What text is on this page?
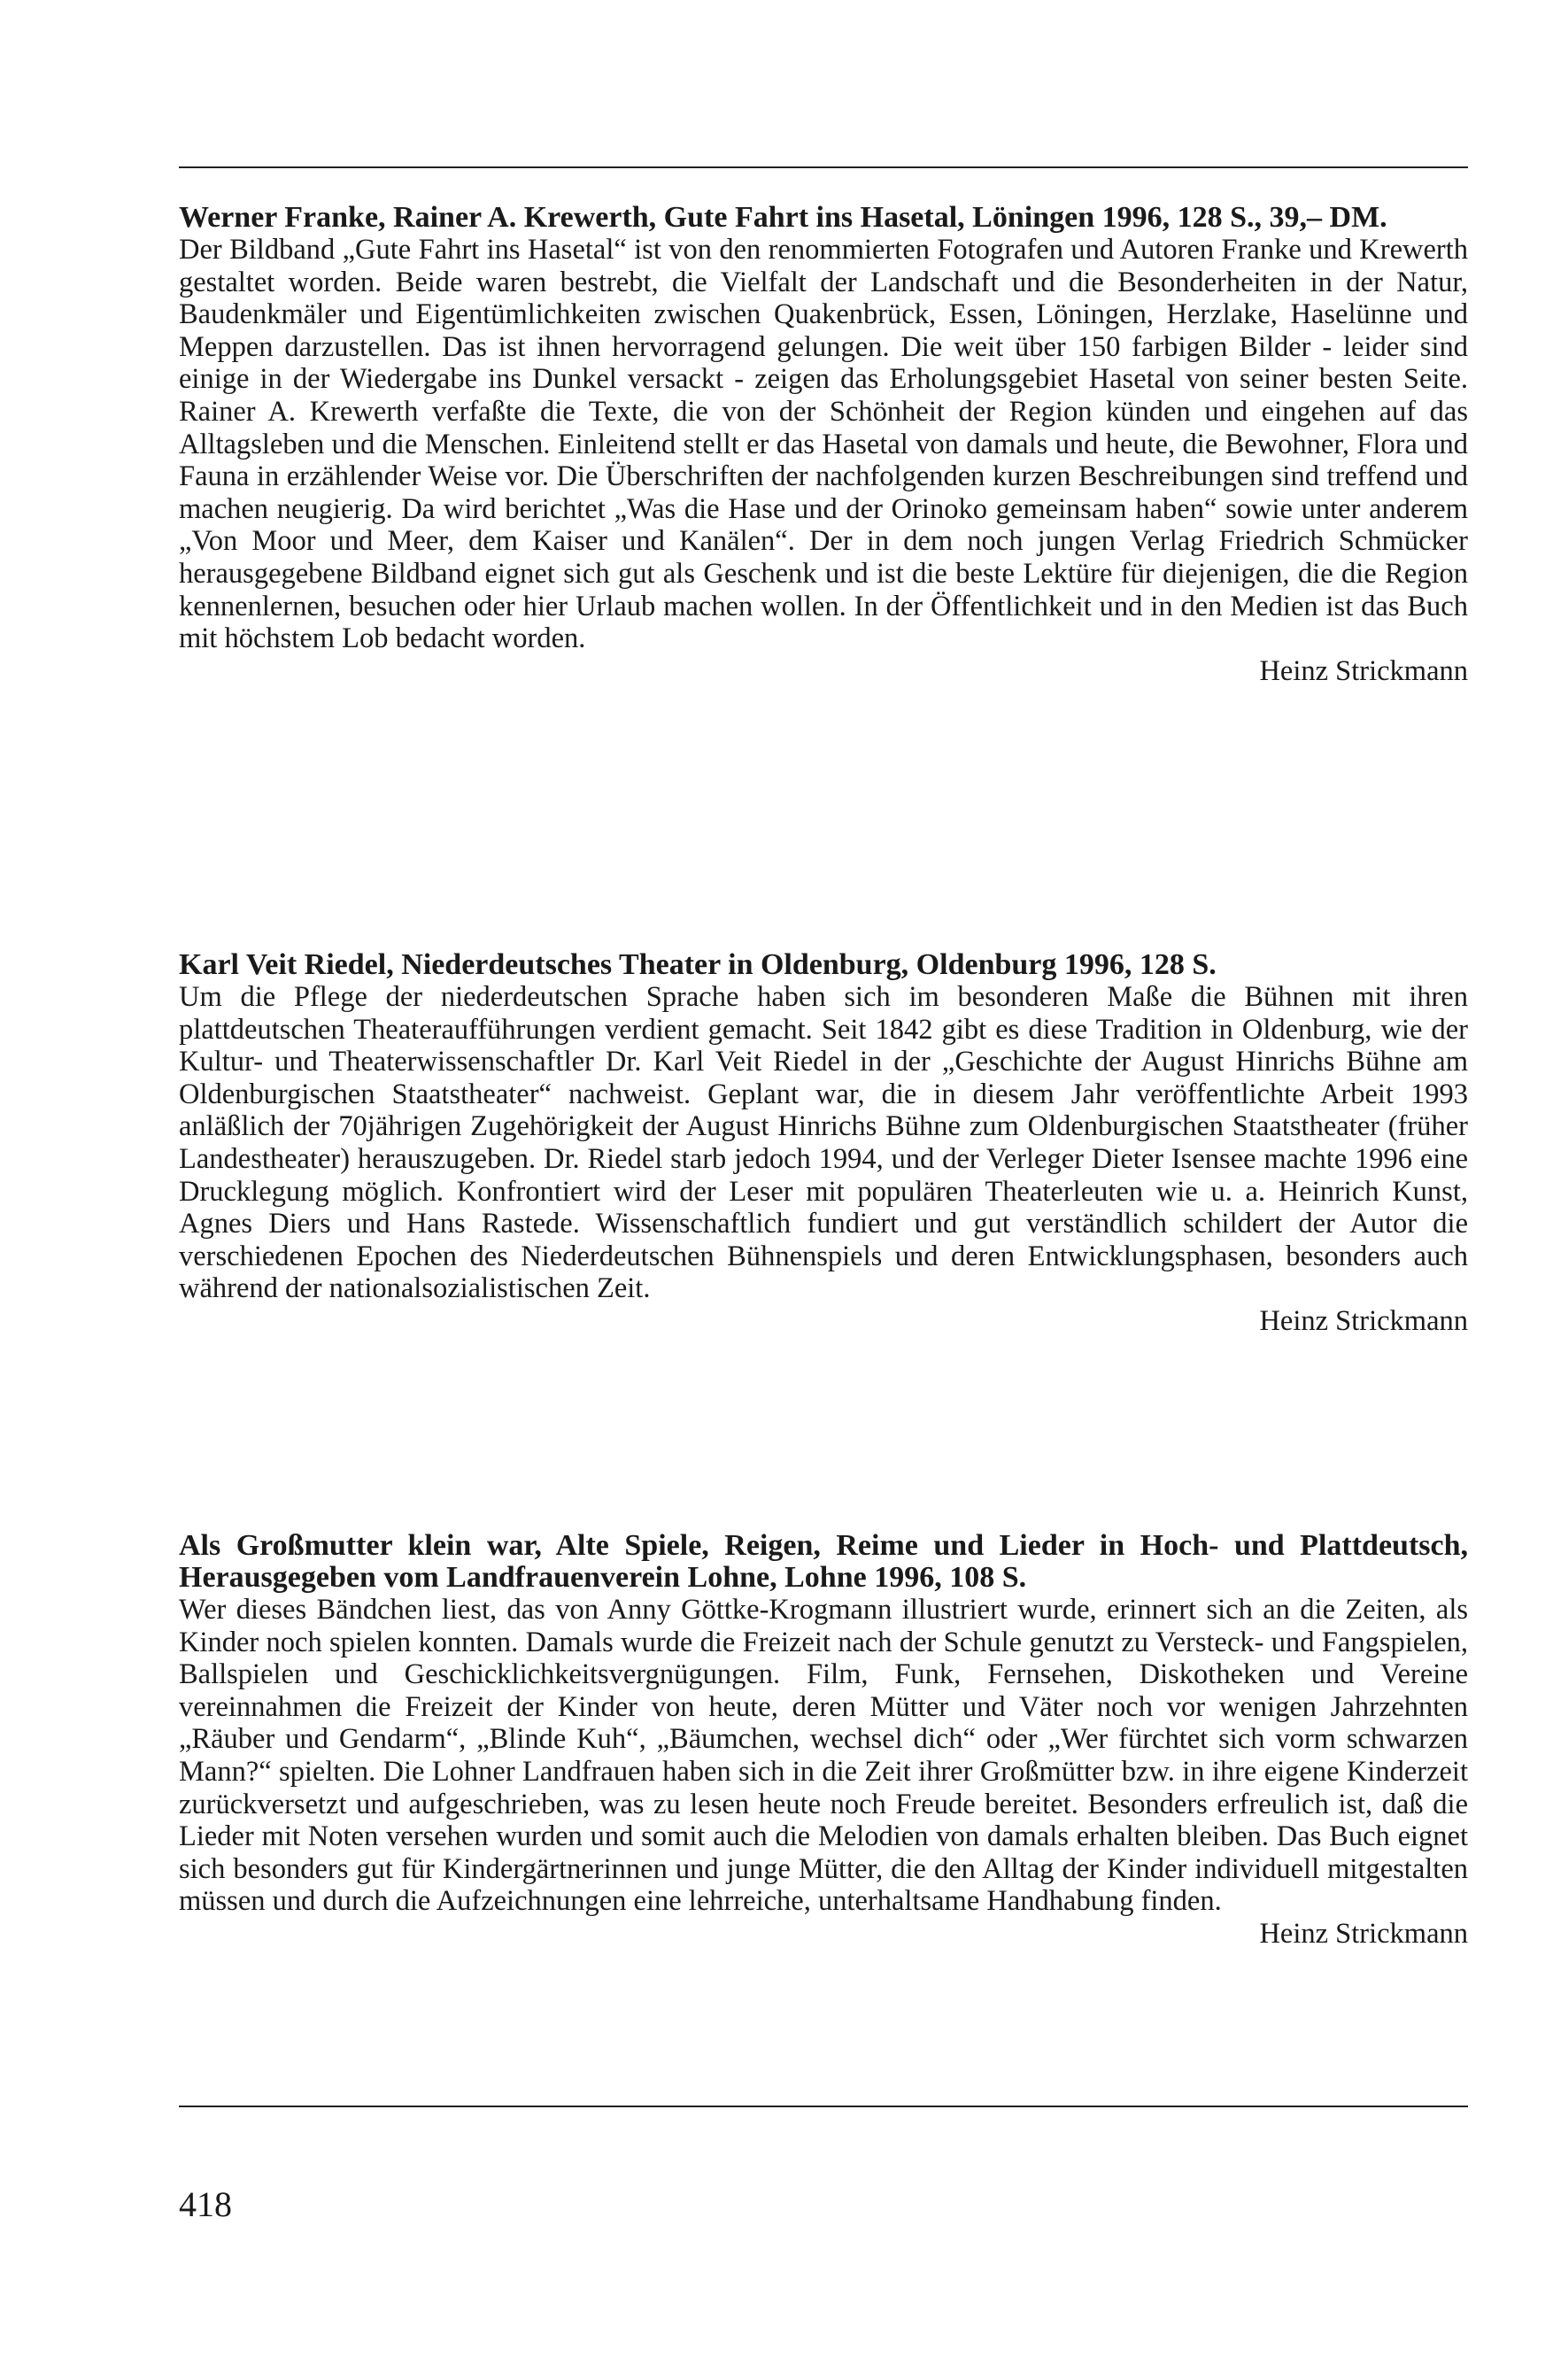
Werner Franke, Rainer A. Krewerth, Gute Fahrt ins Hasetal, Löningen 1996, 128 S., 39,– DM.

Der Bildband „Gute Fahrt ins Hasetal“ ist von den renommierten Fotografen und Autoren Franke und Krewerth gestaltet worden. Beide waren bestrebt, die Vielfalt der Landschaft und die Besonderheiten in der Natur, Baudenkmäler und Eigentümlichkeiten zwischen Quakenbrück, Essen, Löningen, Herzlake, Haselünne und Meppen darzustellen. Das ist ihnen hervorragend gelungen. Die weit über 150 farbigen Bilder - leider sind einige in der Wiedergabe ins Dunkel versackt - zeigen das Erholungsgebiet Hasetal von seiner besten Seite. Rainer A. Krewerth verfaßte die Texte, die von der Schönheit der Region künden und eingehen auf das Alltagsleben und die Menschen. Einleitend stellt er das Hasetal von damals und heute, die Bewohner, Flora und Fauna in erzählender Weise vor. Die Überschriften der nachfolgenden kurzen Beschreibungen sind treffend und machen neugierig. Da wird berichtet „Was die Hase und der Orinoko gemeinsam haben“ sowie unter anderem „Von Moor und Meer, dem Kaiser und Kanälen“. Der in dem noch jungen Verlag Friedrich Schmücker herausgegebene Bildband eignet sich gut als Geschenk und ist die beste Lektüre für diejenigen, die die Region kennenlernen, besuchen oder hier Urlaub machen wollen. In der Öffentlichkeit und in den Medien ist das Buch mit höchstem Lob bedacht worden.

Heinz Strickmann

Karl Veit Riedel, Niederdeutsches Theater in Oldenburg, Oldenburg 1996, 128 S.

Um die Pflege der niederdeutschen Sprache haben sich im besonderen Maße die Bühnen mit ihren plattdeutschen Theateraufführungen verdient gemacht. Seit 1842 gibt es diese Tradition in Oldenburg, wie der Kultur- und Theaterwissenschaftler Dr. Karl Veit Riedel in der „Geschichte der August Hinrichs Bühne am Oldenburgischen Staatstheater“ nachweist. Geplant war, die in diesem Jahr veröffentlichte Arbeit 1993 anläßlich der 70jährigen Zugehörigkeit der August Hinrichs Bühne zum Oldenburgischen Staatstheater (früher Landestheater) herauszugeben. Dr. Riedel starb jedoch 1994, und der Verleger Dieter Isensee machte 1996 eine Drucklegung möglich. Konfrontiert wird der Leser mit populären Theaterleuten wie u. a. Heinrich Kunst, Agnes Diers und Hans Rastede. Wissenschaftlich fundiert und gut verständlich schildert der Autor die verschiedenen Epochen des Niederdeutschen Bühnenspiels und deren Entwicklungsphasen, besonders auch während der nationalsozialistischen Zeit.

Heinz Strickmann

Als Großmutter klein war, Alte Spiele, Reigen, Reime und Lieder in Hoch- und Plattdeutsch, Herausgegeben vom Landfrauenverein Lohne, Lohne 1996, 108 S.

Wer dieses Bändchen liest, das von Anny Göttke-Krogmann illustriert wurde, erinnert sich an die Zeiten, als Kinder noch spielen konnten. Damals wurde die Freizeit nach der Schule genutzt zu Versteck- und Fangspielen, Ballspielen und Geschicklichkeitsvergnügungen. Film, Funk, Fernsehen, Diskotheken und Vereine vereinnahmen die Freizeit der Kinder von heute, deren Mütter und Väter noch vor wenigen Jahrzehnten „Räuber und Gendarm“, „Blinde Kuh“, „Bäumchen, wechsel dich“ oder „Wer fürchtet sich vorm schwarzen Mann?“ spielten. Die Lohner Landfrauen haben sich in die Zeit ihrer Großmütter bzw. in ihre eigene Kinderzeit zurückversetzt und aufgeschrieben, was zu lesen heute noch Freude bereitet. Besonders erfreulich ist, daß die Lieder mit Noten versehen wurden und somit auch die Melodien von damals erhalten bleiben. Das Buch eignet sich besonders gut für Kindergärtnerinnen und junge Mütter, die den Alltag der Kinder individuell mitgestalten müssen und durch die Aufzeichnungen eine lehrreiche, unterhaltsame Handhabung finden.

Heinz Strickmann

418
